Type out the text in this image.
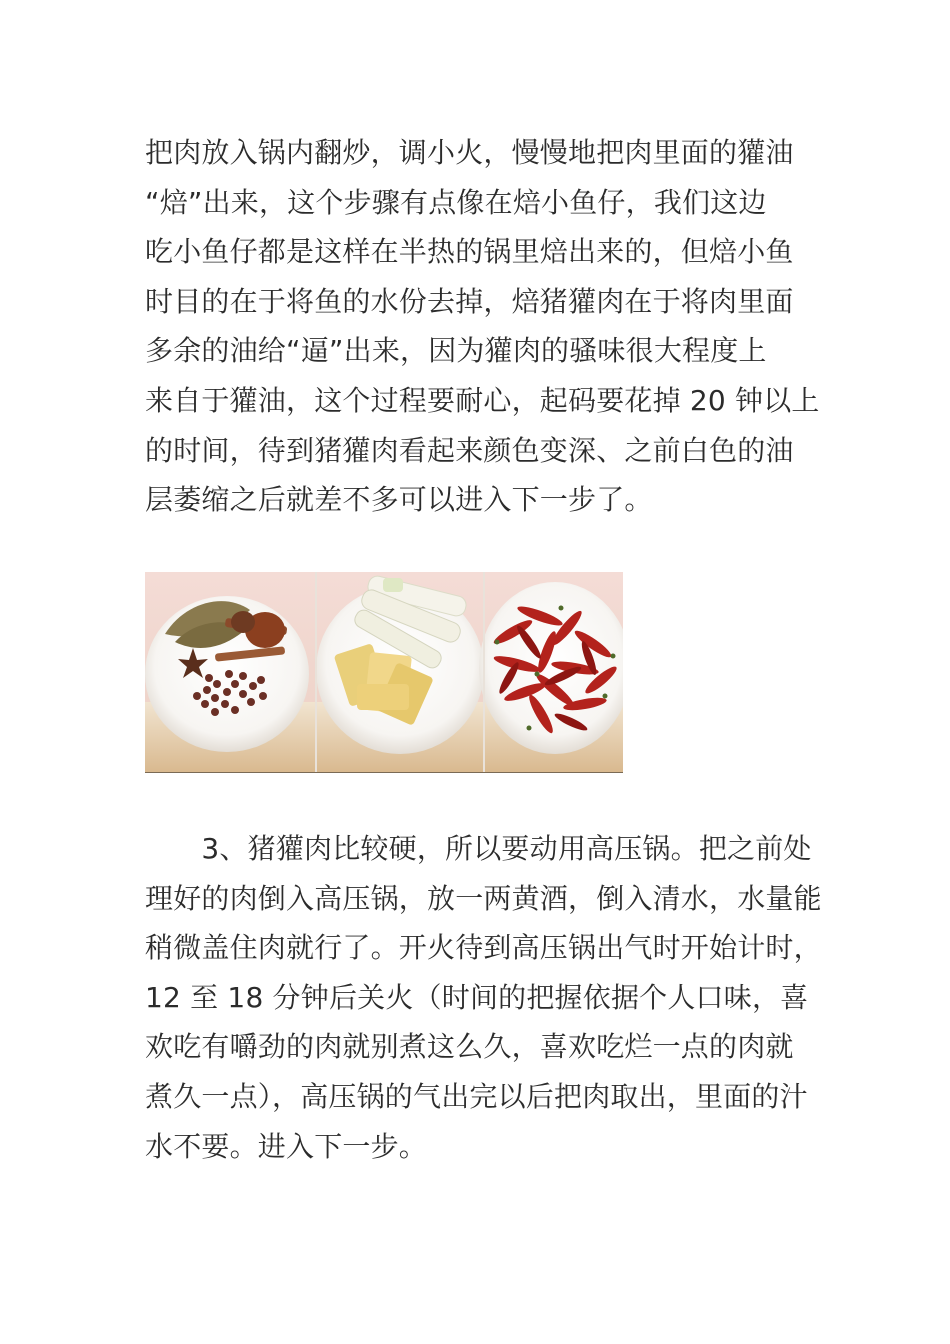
把肉放入锅内翻炒，调小火，慢慢地把肉里面的獾油
“焙”出来，这个步骤有点像在焙小鱼仔，我们这边
吃小鱼仔都是这样在半热的锅里焙出来的，但焙小鱼
时目的在于将鱼的水份去掉，焙猪獾肉在于将肉里面
多余的油给“逼”出来，因为獾肉的骚味很大程度上
来自于獾油，这个过程要耐心，起码要花掉 20 钟以上
的时间，待到猪獾肉看起来颜色变深、之前白色的油
层萎缩之后就差不多可以进入下一步了。
　　3、猪獾肉比较硬，所以要动用高压锅。把之前处
理好的肉倒入高压锅，放一两黄酒，倒入清水，水量能
稍微盖住肉就行了。开火待到高压锅出气时开始计时，
12 至 18 分钟后关火（时间的把握依据个人口味，喜
欢吃有嚼劲的肉就别煮这么久，喜欢吃烂一点的肉就
煮久一点），高压锅的气出完以后把肉取出，里面的汁
水不要。进入下一步。
